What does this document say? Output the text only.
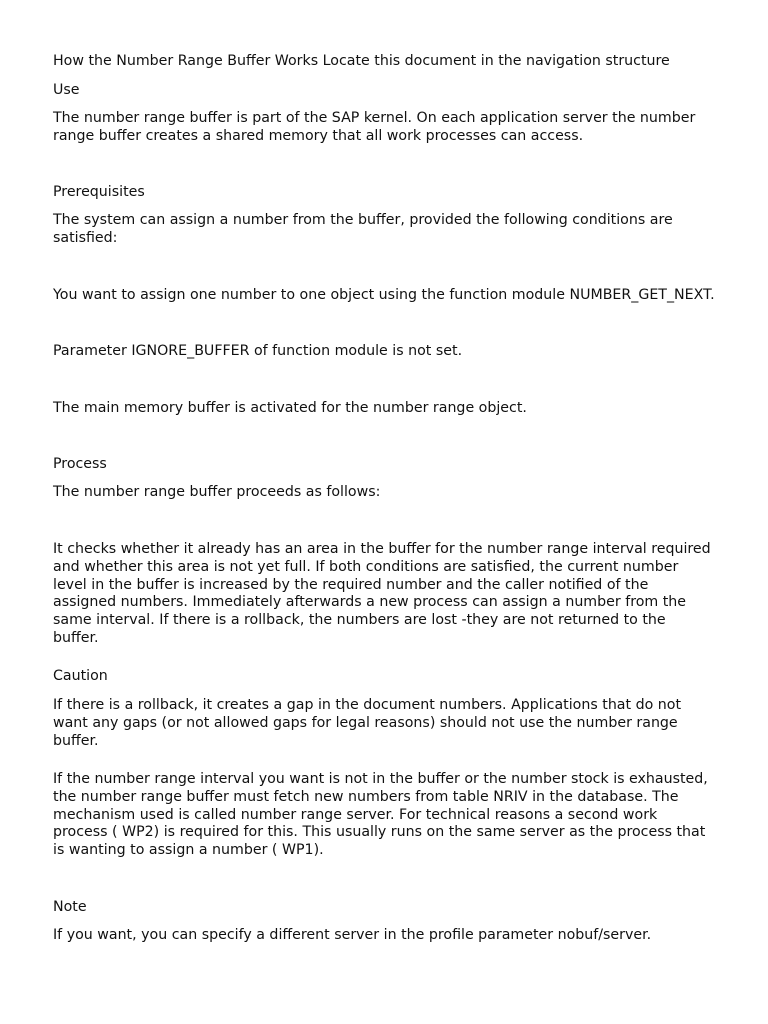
How the Number Range Buffer Works Locate this document in the navigation structure

Use

The number range buffer is part of the SAP kernel. On each application server the number range buffer creates a shared memory that all work processes can access.

Prerequisites

The system can assign a number from the buffer, provided the following conditions are satisfied:

You want to assign one number to one object using the function module NUMBER_GET_NEXT.

Parameter IGNORE_BUFFER of function module is not set.

The main memory buffer is activated for the number range object.

Process

The number range buffer proceeds as follows:

It checks whether it already has an area in the buffer for the number range interval required and whether this area is not yet full. If both conditions are satisfied, the current number level in the buffer is increased by the required number and the caller notified of the assigned numbers. Immediately afterwards a new process can assign a number from the same interval. If there is a rollback, the numbers are lost -they are not returned to the buffer.

Caution

If there is a rollback, it creates a gap in the document numbers. Applications that do not want any gaps (or not allowed gaps for legal reasons) should not use the number range buffer.

If the number range interval you want is not in the buffer or the number stock is exhausted, the number range buffer must fetch new numbers from table NRIV in the database. The mechanism used is called number range server. For technical reasons a second work process ( WP2) is required for this. This usually runs on the same server as the process that is wanting to assign a number ( WP1).

Note

If you want, you can specify a different server in the profile parameter nobuf/server.
